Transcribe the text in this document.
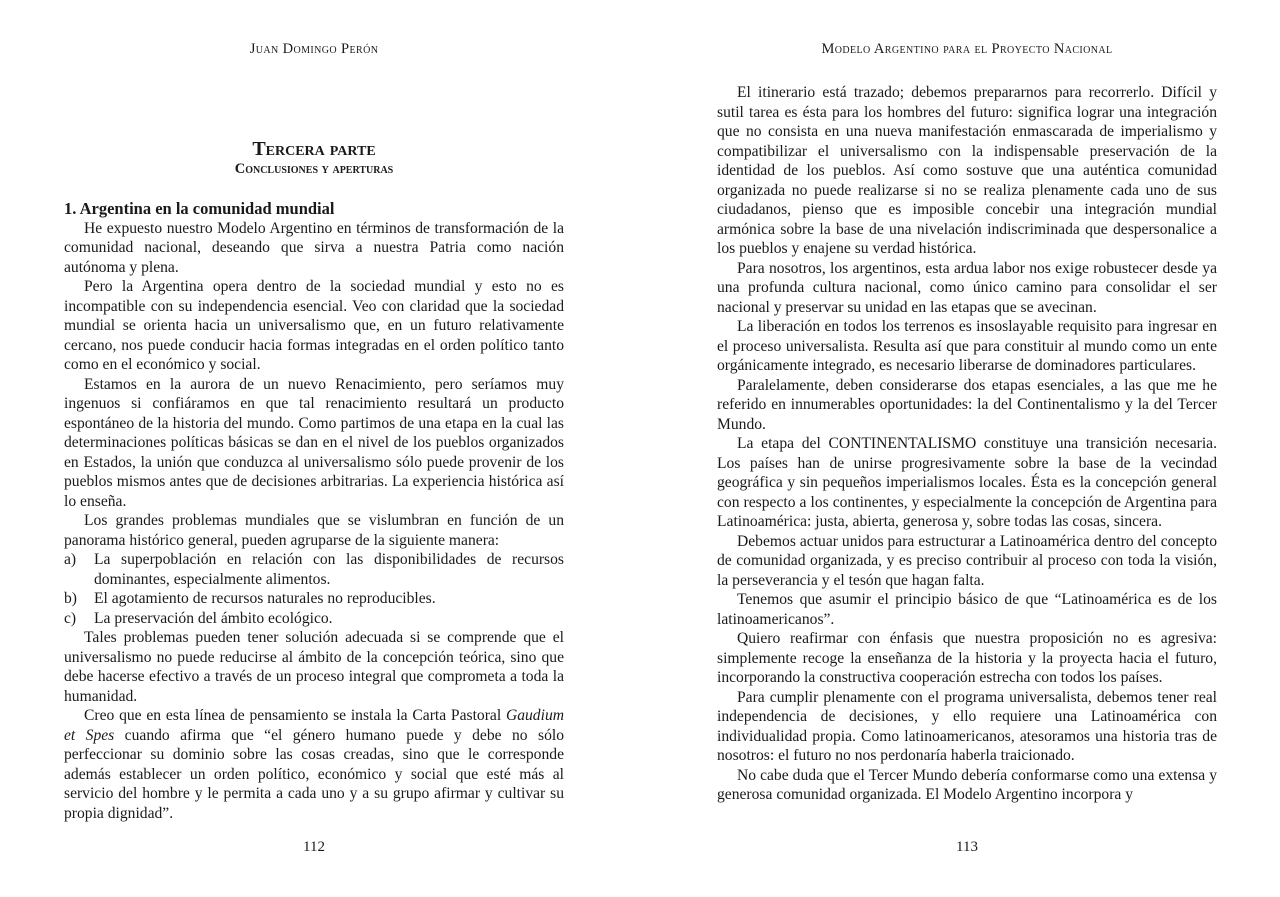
Juan Domingo Perón
Tercera parte
Conclusiones y aperturas
1. Argentina en la comunidad mundial

He expuesto nuestro Modelo Argentino en términos de transformación de la comunidad nacional, deseando que sirva a nuestra Patria como nación autónoma y plena.

Pero la Argentina opera dentro de la sociedad mundial y esto no es incompatible con su independencia esencial. Veo con claridad que la sociedad mundial se orienta hacia un universalismo que, en un futuro relativamente cercano, nos puede conducir hacia formas integradas en el orden político tanto como en el económico y social.

Estamos en la aurora de un nuevo Renacimiento, pero seríamos muy ingenuos si confiáramos en que tal renacimiento resultará un producto espontáneo de la historia del mundo. Como partimos de una etapa en la cual las determinaciones políticas básicas se dan en el nivel de los pueblos organizados en Estados, la unión que conduzca al universalismo sólo puede provenir de los pueblos mismos antes que de decisiones arbitrarias. La experiencia histórica así lo enseña.

Los grandes problemas mundiales que se vislumbran en función de un panorama histórico general, pueden agruparse de la siguiente manera:

a) La superpoblación en relación con las disponibilidades de recursos dominantes, especialmente alimentos.
b) El agotamiento de recursos naturales no reproducibles.
c) La preservación del ámbito ecológico.

Tales problemas pueden tener solución adecuada si se comprende que el universalismo no puede reducirse al ámbito de la concepción teórica, sino que debe hacerse efectivo a través de un proceso integral que comprometa a toda la humanidad.

Creo que en esta línea de pensamiento se instala la Carta Pastoral Gaudium et Spes cuando afirma que “el género humano puede y debe no sólo perfeccionar su dominio sobre las cosas creadas, sino que le corresponde además establecer un orden político, económico y social que esté más al servicio del hombre y le permita a cada uno y a su grupo afirmar y cultivar su propia dignidad”.

112
Modelo Argentino para el Proyecto Nacional

El itinerario está trazado; debemos prepararnos para recorrerlo. Difícil y sutil tarea es ésta para los hombres del futuro: significa lograr una integración que no consista en una nueva manifestación enmascarada de imperialismo y compatibilizar el universalismo con la indispensable preservación de la identidad de los pueblos. Así como sostuve que una auténtica comunidad organizada no puede realizarse si no se realiza plenamente cada uno de sus ciudadanos, pienso que es imposible concebir una integración mundial armónica sobre la base de una nivelación indiscriminada que despersonalice a los pueblos y enajene su verdad histórica.

Para nosotros, los argentinos, esta ardua labor nos exige robustecer desde ya una profunda cultura nacional, como único camino para consolidar el ser nacional y preservar su unidad en las etapas que se avecinan.

La liberación en todos los terrenos es insoslayable requisito para ingresar en el proceso universalista. Resulta así que para constituir al mundo como un ente orgánicamente integrado, es necesario liberarse de dominadores particulares.

Paralelamente, deben considerarse dos etapas esenciales, a las que me he referido en innumerables oportunidades: la del Continentalismo y la del Tercer Mundo.

La etapa del CONTINENTALISMO constituye una transición necesaria. Los países han de unirse progresivamente sobre la base de la vecindad geográfica y sin pequeños imperialismos locales. Ésta es la concepción general con respecto a los continentes, y especialmente la concepción de Argentina para Latinoamérica: justa, abierta, generosa y, sobre todas las cosas, sincera.

Debemos actuar unidos para estructurar a Latinoamérica dentro del concepto de comunidad organizada, y es preciso contribuir al proceso con toda la visión, la perseverancia y el tesón que hagan falta.

Tenemos que asumir el principio básico de que “Latinoamérica es de los latinoamericanos”.

Quiero reafirmar con énfasis que nuestra proposición no es agresiva: simplemente recoge la enseñanza de la historia y la proyecta hacia el futuro, incorporando la constructiva cooperación estrecha con todos los países.

Para cumplir plenamente con el programa universalista, debemos tener real independencia de decisiones, y ello requiere una Latinoamérica con individualidad propia. Como latinoamericanos, atesoramos una historia tras de nosotros: el futuro no nos perdonaría haberla traicionado.

No cabe duda que el Tercer Mundo debería conformarse como una extensa y generosa comunidad organizada. El Modelo Argentino incorpora y

113
